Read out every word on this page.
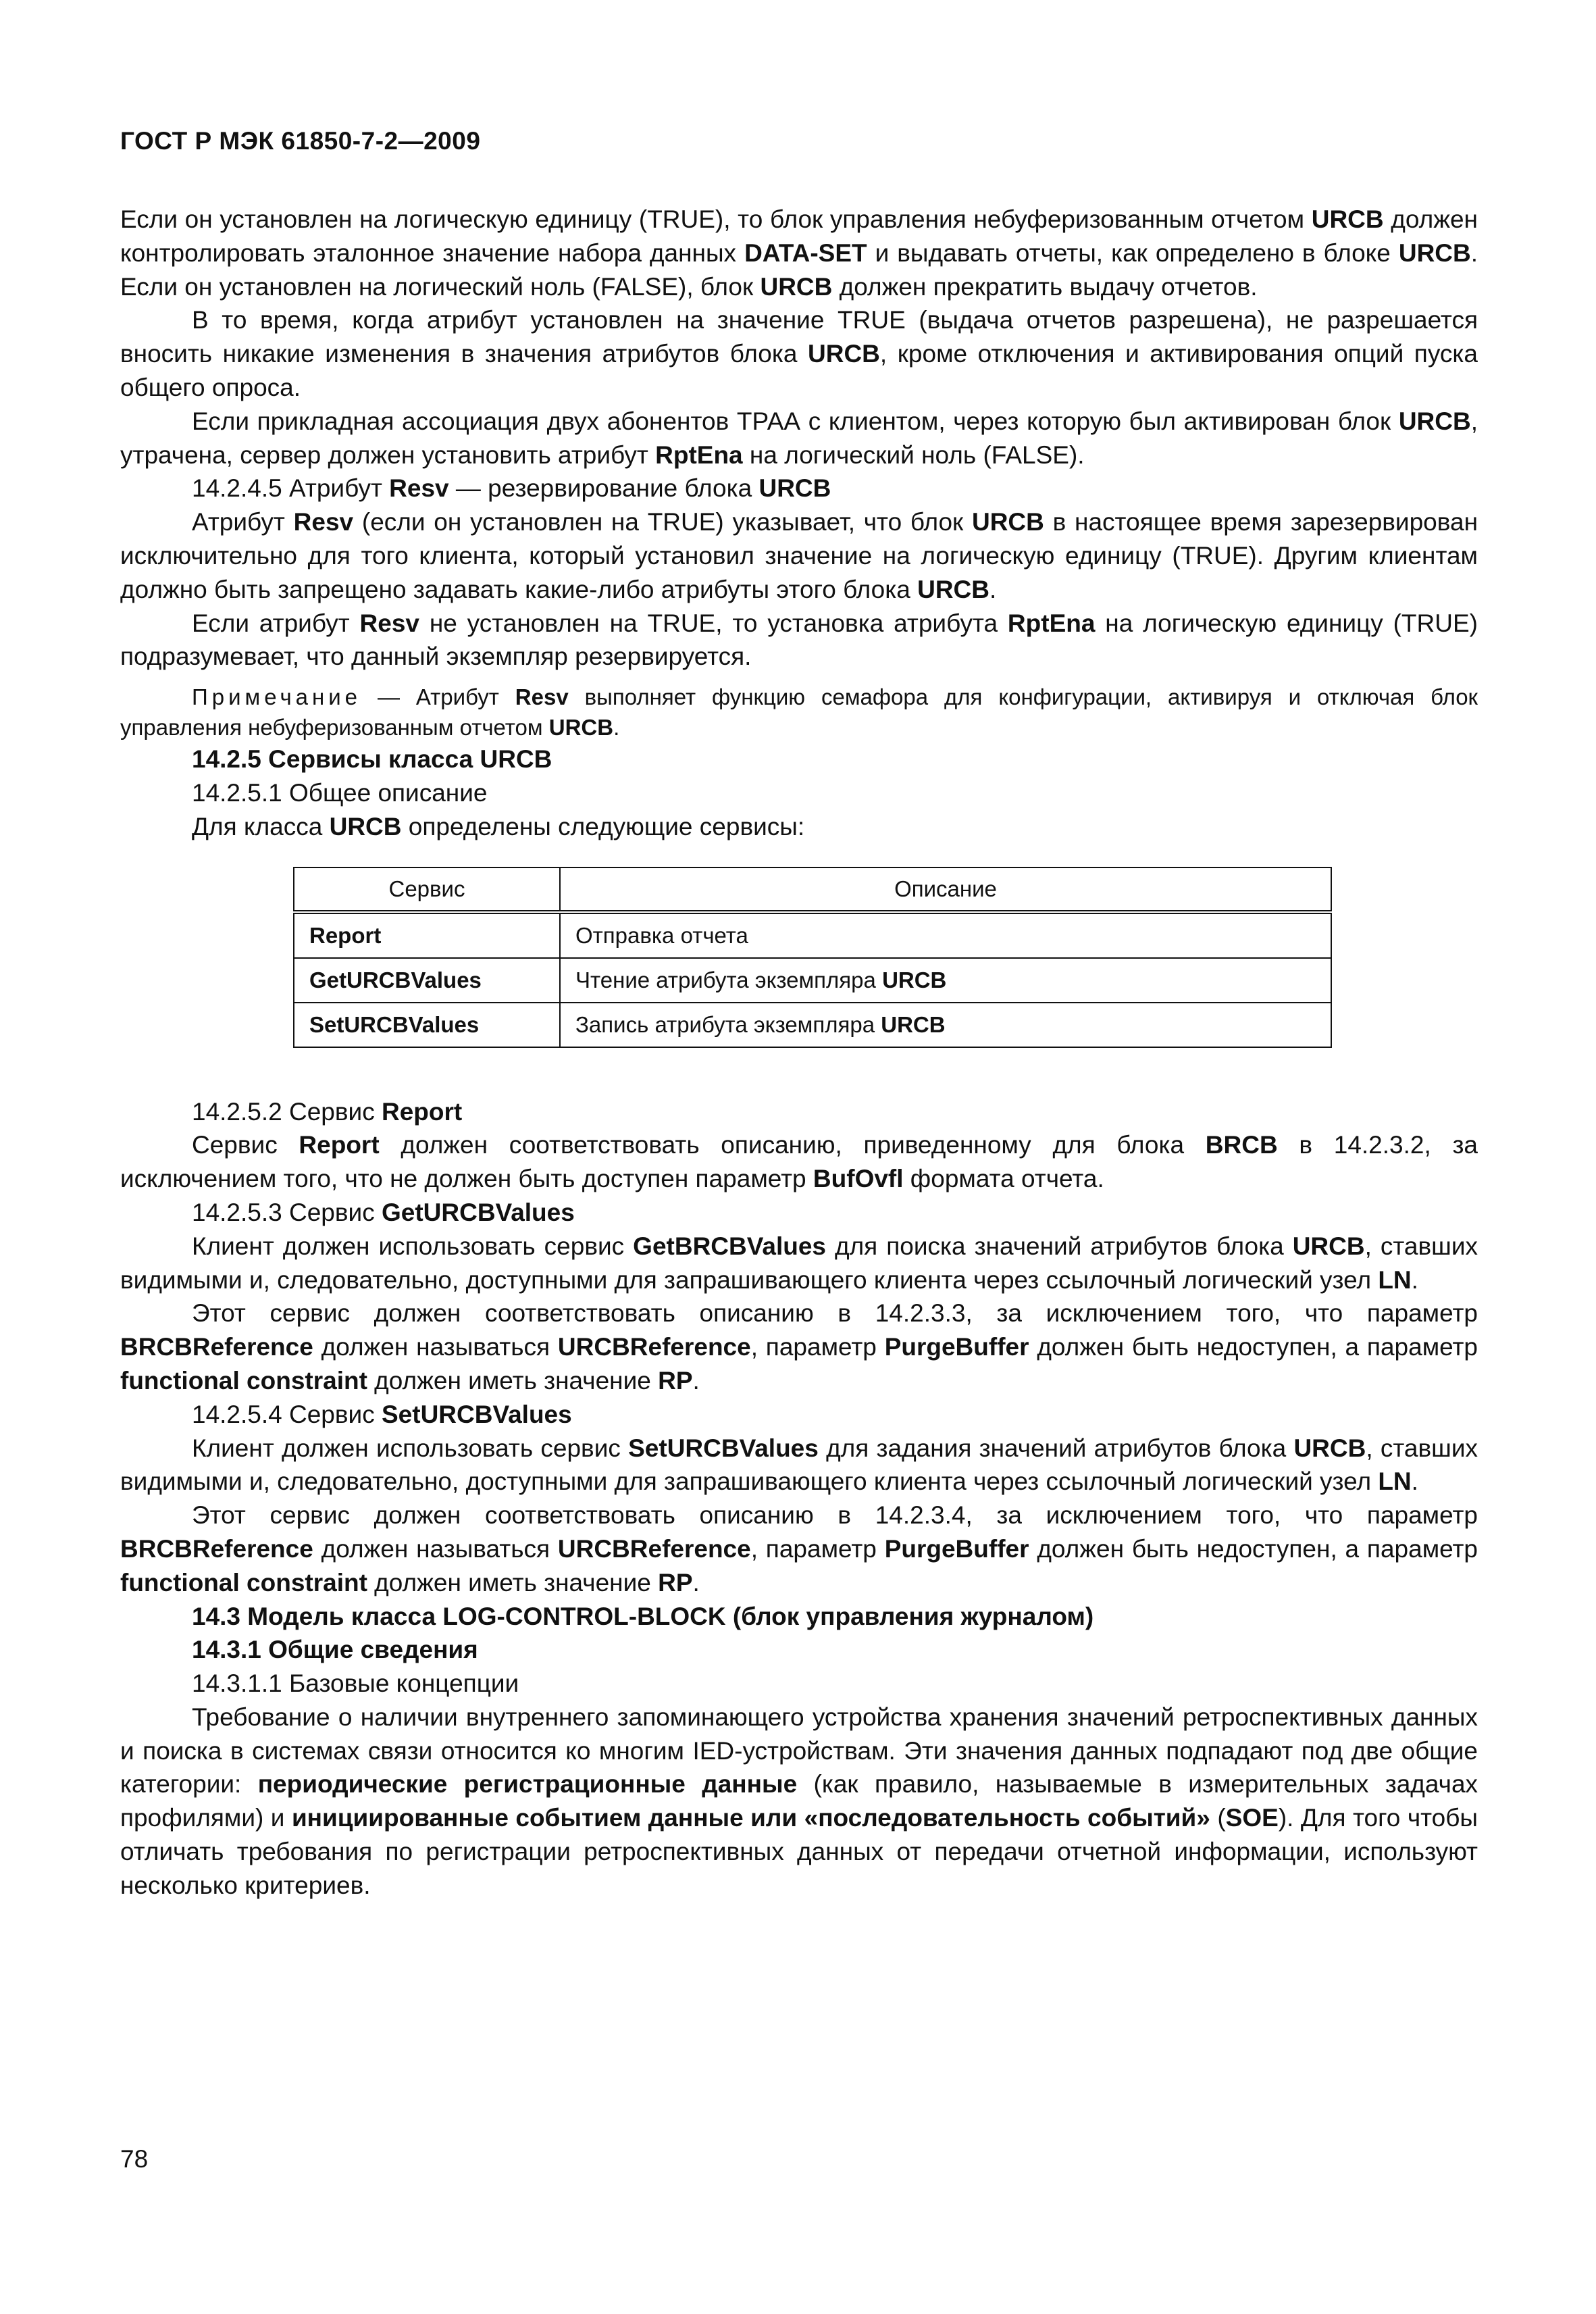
ГОСТ Р МЭК 61850-7-2—2009

Если он установлен на логическую единицу (TRUE), то блок управления небуферизованным отчетом URCB должен контролировать эталонное значение набора данных DATA-SET и выдавать отчеты, как определено в блоке URCB. Если он установлен на логический ноль (FALSE), блок URCB должен прекратить выдачу отчетов.

В то время, когда атрибут установлен на значение TRUE (выдача отчетов разрешена), не разрешается вносить никакие изменения в значения атрибутов блока URCB, кроме отключения и активирования опций пуска общего опроса.

Если прикладная ассоциация двух абонентов ТРАА с клиентом, через которую был активирован блок URCB, утрачена, сервер должен установить атрибут RptEna на логический ноль (FALSE).

14.2.4.5 Атрибут Resv — резервирование блока URCB

Атрибут Resv (если он установлен на TRUE) указывает, что блок URCB в настоящее время зарезервирован исключительно для того клиента, который установил значение на логическую единицу (TRUE). Другим клиентам должно быть запрещено задавать какие-либо атрибуты этого блока URCB.

Если атрибут Resv не установлен на TRUE, то установка атрибута RptEna на логическую единицу (TRUE) подразумевает, что данный экземпляр резервируется.

Примечание — Атрибут Resv выполняет функцию семафора для конфигурации, активируя и отключая блок управления небуферизованным отчетом URCB.

14.2.5 Сервисы класса URCB

14.2.5.1 Общее описание

Для класса URCB определены следующие сервисы:

Сервис	Описание
Report	Отправка отчета
GetURCBValues	Чтение атрибута экземпляра URCB
SetURCBValues	Запись атрибута экземпляра URCB

14.2.5.2 Сервис Report

Сервис Report должен соответствовать описанию, приведенному для блока BRCB в 14.2.3.2, за исключением того, что не должен быть доступен параметр BufOvfl формата отчета.

14.2.5.3 Сервис GetURCBValues

Клиент должен использовать сервис GetBRCBValues для поиска значений атрибутов блока URCB, ставших видимыми и, следовательно, доступными для запрашивающего клиента через ссылочный логический узел LN.

Этот сервис должен соответствовать описанию в 14.2.3.3, за исключением того, что параметр BRCBReference должен называться URCBReference, параметр PurgeBuffer должен быть недоступен, а параметр functional constraint должен иметь значение RP.

14.2.5.4 Сервис SetURCBValues

Клиент должен использовать сервис SetURCBValues для задания значений атрибутов блока URCB, ставших видимыми и, следовательно, доступными для запрашивающего клиента через ссылочный логический узел LN.

Этот сервис должен соответствовать описанию в 14.2.3.4, за исключением того, что параметр BRCBReference должен называться URCBReference, параметр PurgeBuffer должен быть недоступен, а параметр functional constraint должен иметь значение RP.

14.3 Модель класса LOG-CONTROL-BLOCK (блок управления журналом)

14.3.1 Общие сведения

14.3.1.1 Базовые концепции

Требование о наличии внутреннего запоминающего устройства хранения значений ретроспективных данных и поиска в системах связи относится ко многим IED-устройствам. Эти значения данных подпадают под две общие категории: периодические регистрационные данные (как правило, называемые в измерительных задачах профилями) и инициированные событием данные или «последовательность событий» (SOE). Для того чтобы отличать требования по регистрации ретроспективных данных от передачи отчетной информации, используют несколько критериев.

78
